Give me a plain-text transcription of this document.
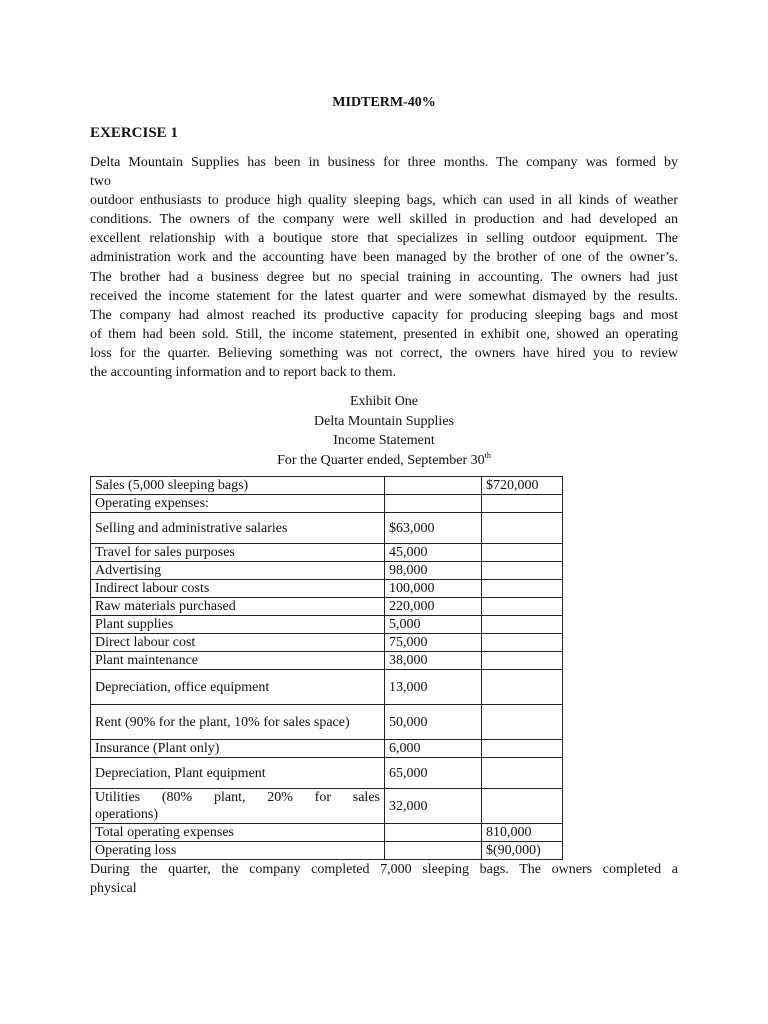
MIDTERM-40%
EXERCISE 1
Delta Mountain Supplies has been in business for three months. The company was formed by
two
outdoor enthusiasts to produce high quality sleeping bags, which can used in all kinds of weather
conditions. The owners of the company were well skilled in production and had developed an
excellent relationship with a boutique store that specializes in selling outdoor equipment. The
administration work and the accounting have been managed by the brother of one of the owner’s.
The brother had a business degree but no special training in accounting. The owners had just
received the income statement for the latest quarter and were somewhat dismayed by the results.
The company had almost reached its productive capacity for producing sleeping bags and most
of them had been sold. Still, the income statement, presented in exhibit one, showed an operating
loss for the quarter. Believing something was not correct, the owners have hired you to review
the accounting information and to report back to them.
Exhibit One
Delta Mountain Supplies
Income Statement
For the Quarter ended, September 30th
Sales (5,000 sleeping bags)		$720,000
Operating expenses:		
Selling and administrative salaries	$63,000	
Travel for sales purposes	45,000	
Advertising	98,000	
Indirect labour costs	100,000	
Raw materials purchased	220,000	
Plant supplies	5,000	
Direct labour cost	75,000	
Plant maintenance	38,000	
Depreciation, office equipment	13,000	
Rent (90% for the plant, 10% for sales space)	50,000	
Insurance (Plant only)	6,000	
Depreciation, Plant equipment	65,000	

Utilities (80% plant, 20% for sales
operations)	32,000	
Total operating expenses		810,000
Operating loss		$(90,000)
During the quarter, the company completed 7,000 sleeping bags. The owners completed a
physical
